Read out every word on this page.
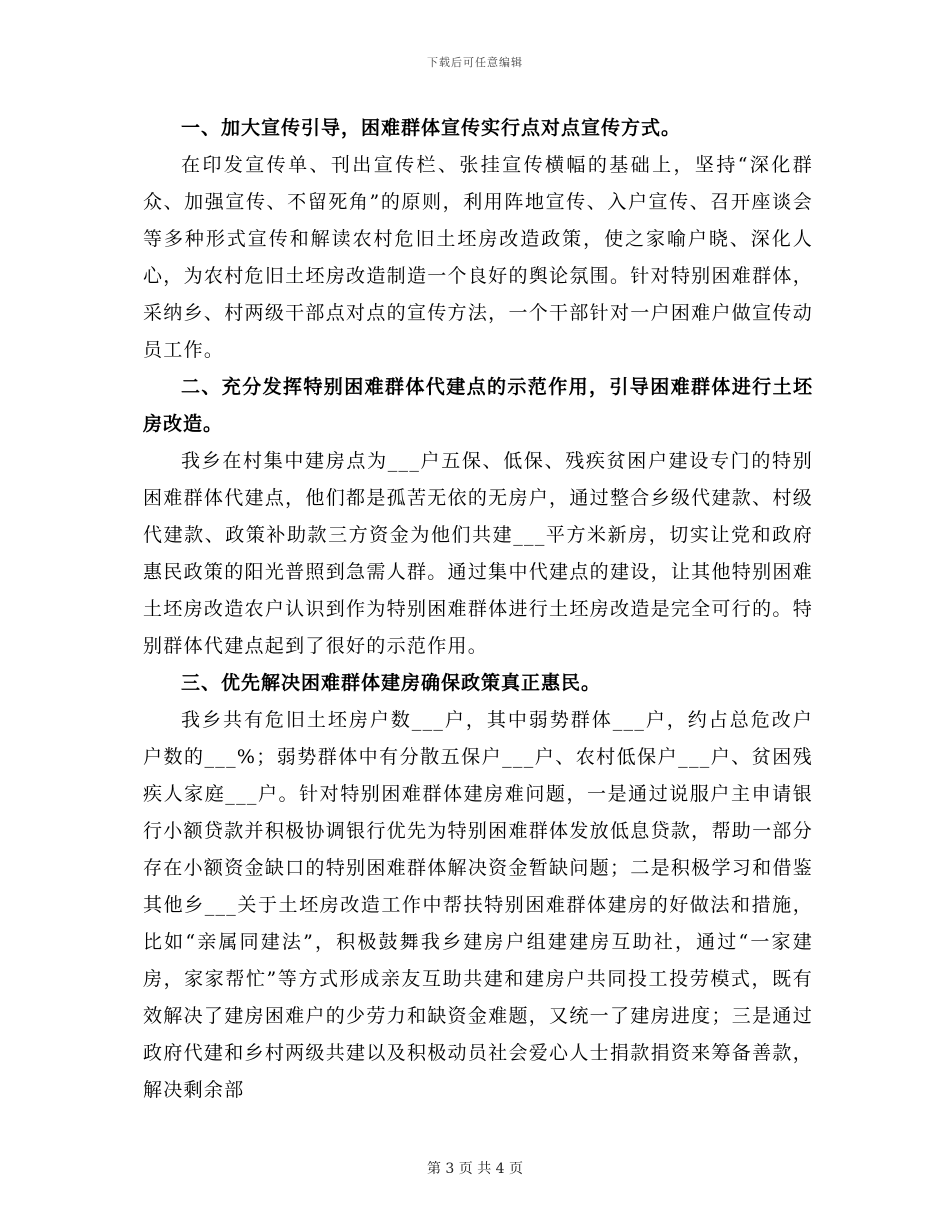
下载后可任意编辑

一、加大宣传引导，困难群体宣传实行点对点宣传方式。

在印发宣传单、刊出宣传栏、张挂宣传横幅的基础上，坚持“深化群众、加强宣传、不留死角”的原则，利用阵地宣传、入户宣传、召开座谈会等多种形式宣传和解读农村危旧土坯房改造政策，使之家喻户晓、深化人心，为农村危旧土坯房改造制造一个良好的舆论氛围。针对特别困难群体，采纳乡、村两级干部点对点的宣传方法，一个干部针对一户困难户做宣传动员工作。

二、充分发挥特别困难群体代建点的示范作用，引导困难群体进行土坯房改造。

我乡在村集中建房点为___户五保、低保、残疾贫困户建设专门的特别困难群体代建点，他们都是孤苦无依的无房户，通过整合乡级代建款、村级代建款、政策补助款三方资金为他们共建___平方米新房，切实让党和政府惠民政策的阳光普照到急需人群。通过集中代建点的建设，让其他特别困难土坯房改造农户认识到作为特别困难群体进行土坯房改造是完全可行的。特别群体代建点起到了很好的示范作用。

三、优先解决困难群体建房确保政策真正惠民。

我乡共有危旧土坯房户数___户，其中弱势群体___户，约占总危改户户数的___%；弱势群体中有分散五保户___户、农村低保户___户、贫困残疾人家庭___户。针对特别困难群体建房难问题，一是通过说服户主申请银行小额贷款并积极协调银行优先为特别困难群体发放低息贷款，帮助一部分存在小额资金缺口的特别困难群体解决资金暂缺问题；二是积极学习和借鉴其他乡___关于土坯房改造工作中帮扶特别困难群体建房的好做法和措施，比如“亲属同建法”，积极鼓舞我乡建房户组建建房互助社，通过“一家建房，家家帮忙”等方式形成亲友互助共建和建房户共同投工投劳模式，既有效解决了建房困难户的少劳力和缺资金难题，又统一了建房进度；三是通过政府代建和乡村两级共建以及积极动员社会爱心人士捐款捐资来筹备善款，解决剩余部

第 3 页 共 4 页
